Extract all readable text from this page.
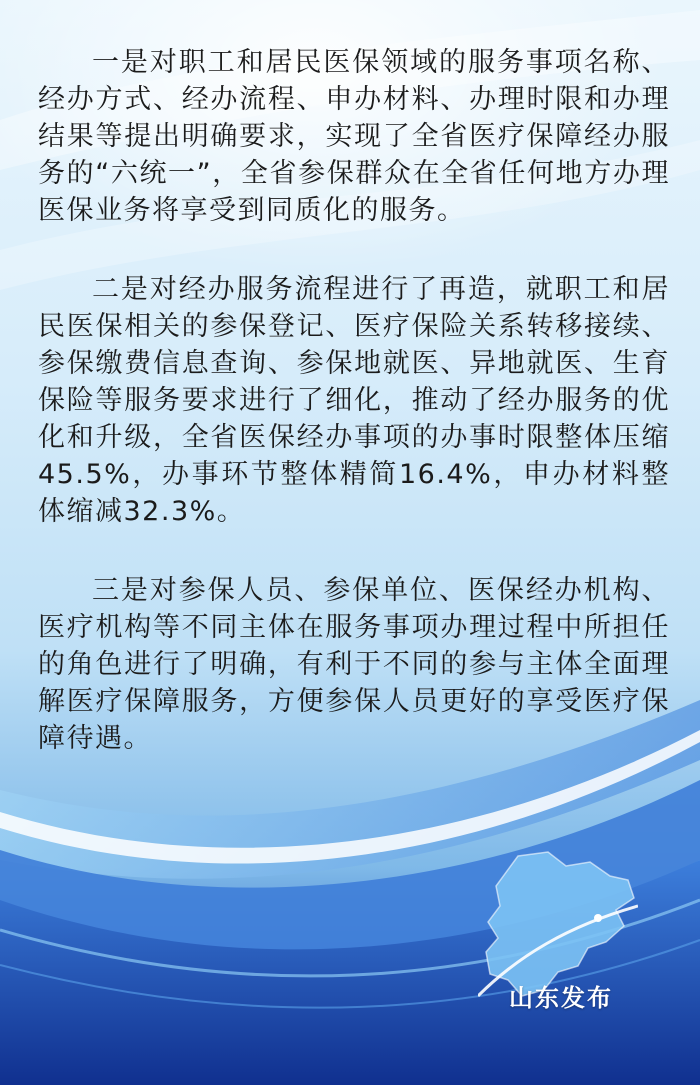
一是对职工和居民医保领域的服务事项名称、经办方式、经办流程、申办材料、办理时限和办理结果等提出明确要求，实现了全省医疗保障经办服务的“六统一”，全省参保群众在全省任何地方办理医保业务将享受到同质化的服务。

二是对经办服务流程进行了再造，就职工和居民医保相关的参保登记、医疗保险关系转移接续、参保缴费信息查询、参保地就医、异地就医、生育保险等服务要求进行了细化，推动了经办服务的优化和升级，全省医保经办事项的办事时限整体压缩45.5%，办事环节整体精简16.4%，申办材料整体缩减32.3%。

三是对参保人员、参保单位、医保经办机构、医疗机构等不同主体在服务事项办理过程中所担任的角色进行了明确，有利于不同的参与主体全面理解医疗保障服务，方便参保人员更好的享受医疗保障待遇。

山东发布
